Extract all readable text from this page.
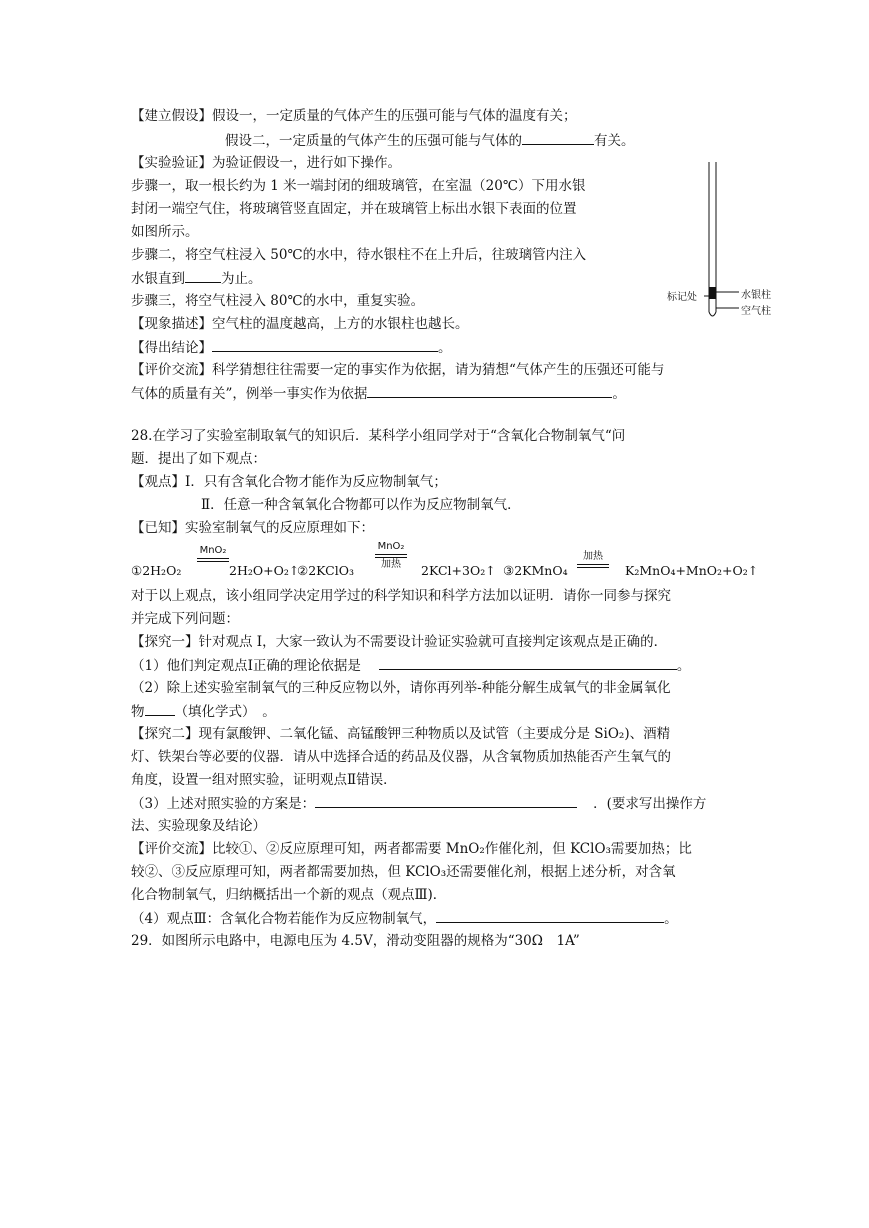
【建立假设】假设一，一定质量的气体产生的压强可能与气体的温度有关；
假设二，一定质量的气体产生的压强可能与气体的	有关。
【实验验证】为验证假设一，进行如下操作。
步骤一，取一根长约为 1 米一端封闭的细玻璃管，在室温（20℃）下用水银
封闭一端空气住，将玻璃管竖直固定，并在玻璃管上标出水银下表面的位置
如图所示。
步骤二，将空气柱浸入 50℃的水中，待水银柱不在上升后，往玻璃管内注入
水银直到	为止。
步骤三，将空气柱浸入 80℃的水中，重复实验。
【现象描述】空气柱的温度越高，上方的水银柱也越长。
【得出结论】	。
【评价交流】科学猜想往往需要一定的事实作为依据，请为猜想“气体产生的压强还可能与
气体的质量有关”，例举一事实作为依据	。
标记处	水银柱
空气柱
28.在学习了实验室制取氧气的知识后．某科学小组同学对于“含氧化合物制氧气“问
题．提出了如下观点：
【观点】Ⅰ．只有含氧化合物才能作为反应物制氧气；
Ⅱ．任意一种含氧氧化合物都可以作为反应物制氧气．
【已知】实验室制氧气的反应原理如下：
①2H₂O₂
MnO₂
2H₂O+O₂↑
②2KClO₃
MnO₂
加热	2KCl+3O₂↑ ③2KMnO₄
加热
K₂MnO₄+MnO₂+O₂↑
对于以上观点，该小组同学决定用学过的科学知识和科学方法加以证明．请你一同参与探究
并完成下列问题：
【探究一】针对观点 I，大家一致认为不需要设计验证实验就可直接判定该观点是正确的．
（1）他们判定观点Ⅰ正确的理论依据是	。
（2）除上述实验室制氧气的三种反应物以外，请你再列举-种能分解生成氧气的非金属氧化
物 （填化学式）　。
【探究二】现有氯酸钾、二氧化锰、高锰酸钾三种物质以及试管（主要成分是 SiO₂)、酒精
灯、铁架台等必要的仪器．请从中选择合适的药品及仪器，从含氧物质加热能否产生氧气的
角度，设置一组对照实验，证明观点Ⅱ错误．
（3）上述对照实验的方案是：	．(要求写出操作方
法、实验现象及结论）
【评价交流】比较①、②反应原理可知，两者都需要 MnO₂作催化剂，但 KClO₃需要加热；比
较②、③反应原理可知，两者都需要加热，但 KClO₃还需要催化剂，根据上述分析，对含氧
化合物制氧气，归纳概括出一个新的观点（观点Ⅲ)．
（4）观点Ⅲ：含氧化合物若能作为反应物制氧气，	。
29．如图所示电路中，电源电压为 4.5V，滑动变阻器的规格为“30Ω　1A”
